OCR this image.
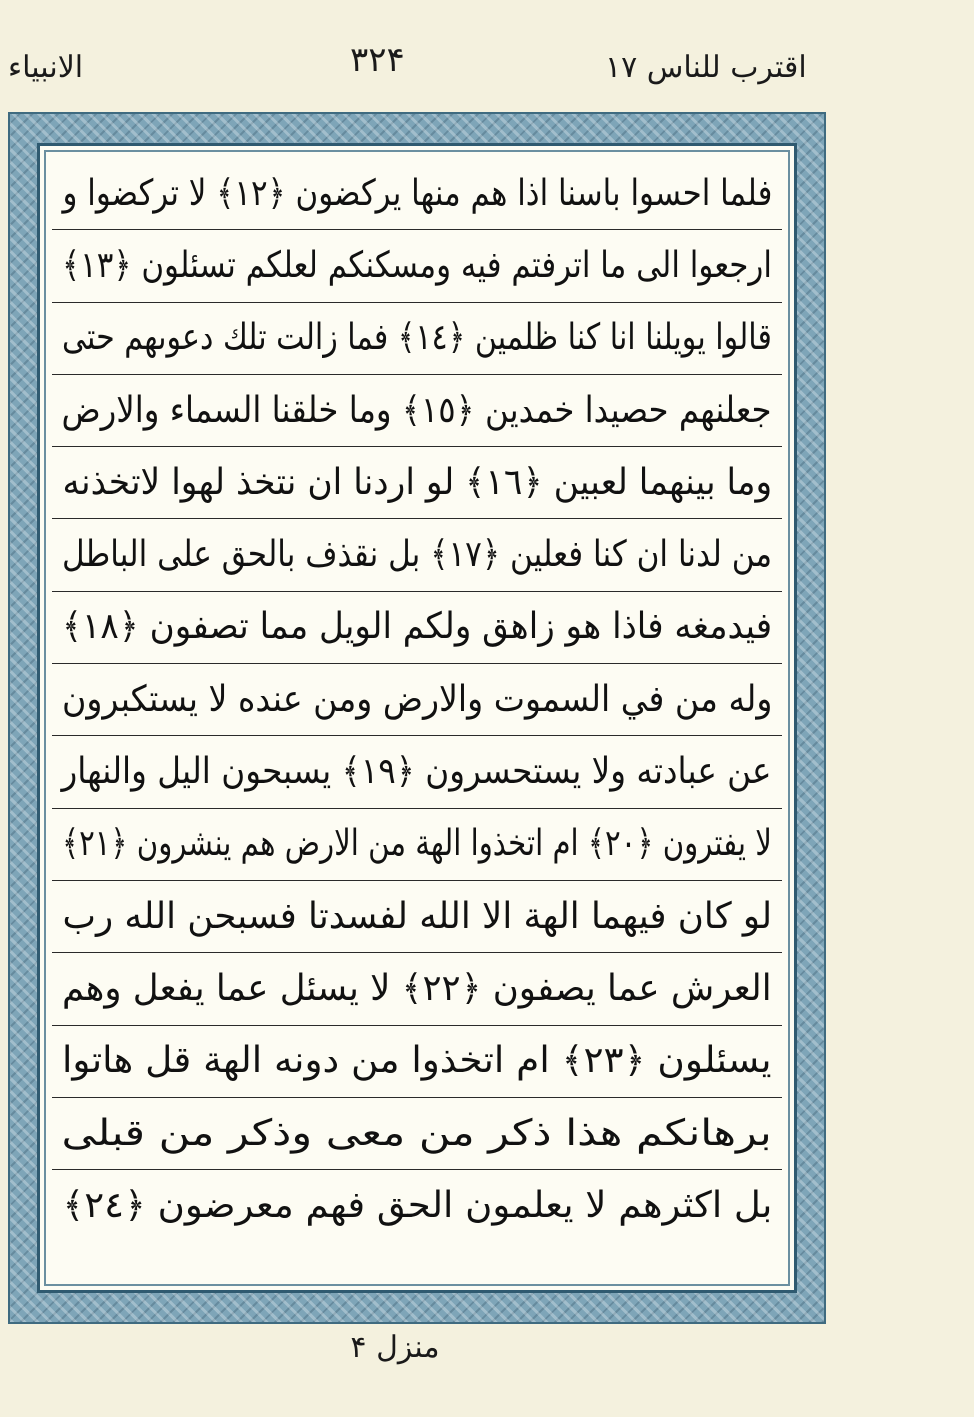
الانبياء	۳۲۴	اقترب للناس ۱۷
فلما احسوا باسنا اذا هم منها يركضون ﴿١٢﴾ لا تركضوا و
ارجعوا الى ما اترفتم فيه ومسكنكم لعلكم تسئلون ﴿١٣﴾
قالوا يويلنا انا كنا ظلمين ﴿١٤﴾ فما زالت تلك دعوىهم حتى
جعلنهم حصيدا خمدين ﴿١٥﴾ وما خلقنا السماء والارض
وما بينهما لعبين ﴿١٦﴾ لو اردنا ان نتخذ لهوا لاتخذنه
من لدنا ان كنا فعلين ﴿١٧﴾ بل نقذف بالحق على الباطل
فيدمغه فاذا هو زاهق ولكم الويل مما تصفون ﴿١٨﴾
وله من في السموت والارض ومن عنده لا يستكبرون
عن عبادته ولا يستحسرون ﴿١٩﴾ يسبحون اليل والنهار
لا يفترون ﴿٢٠﴾ ام اتخذوا الهة من الارض هم ينشرون ﴿٢١﴾
لو كان فيهما الهة الا الله لفسدتا فسبحن الله رب
العرش عما يصفون ﴿٢٢﴾ لا يسئل عما يفعل وهم
يسئلون ﴿٢٣﴾ ام اتخذوا من دونه الهة قل هاتوا
برهانكم هذا ذكر من معى وذكر من قبلى
بل اكثرهم لا يعلمون الحق فهم معرضون ﴿٢٤﴾
منزل ۴
